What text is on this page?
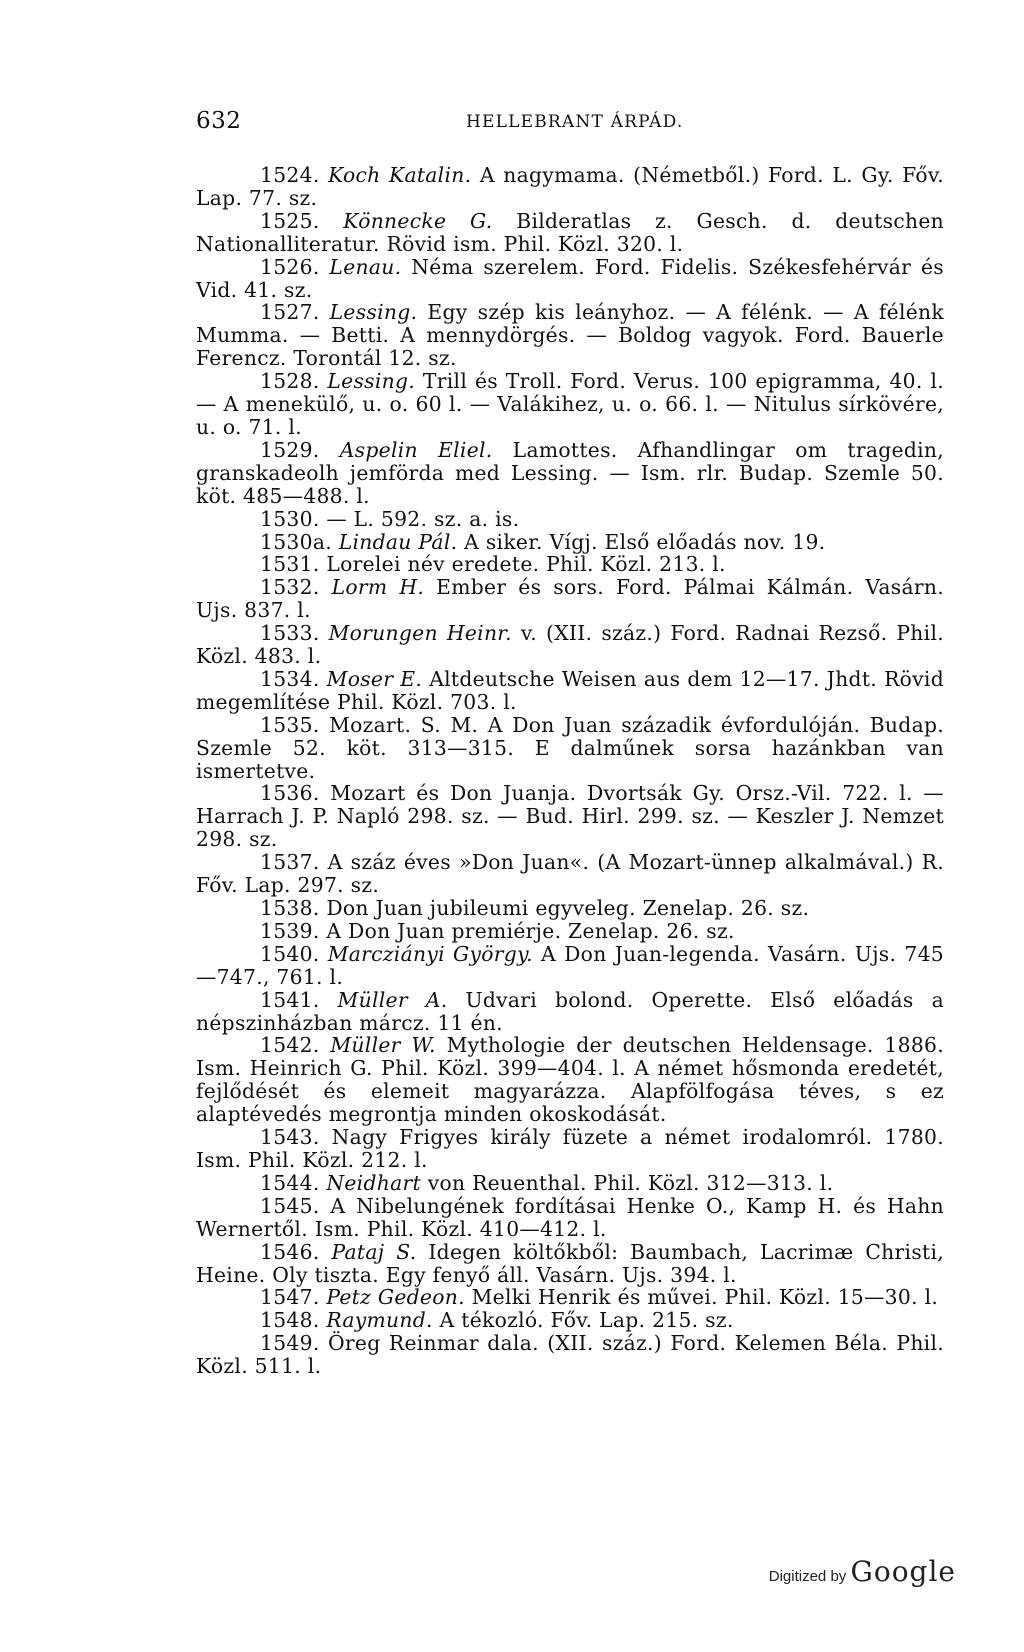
632	HELLEBRANT ÁRPÁD.

1524. Koch Katalin. A nagymama. (Németből.) Ford. L. Gy. Főv. Lap. 77. sz.

1525. Könnecke G. Bilderatlas z. Gesch. d. deutschen Nationalliteratur. Rövid ism. Phil. Közl. 320. l.

1526. Lenau. Néma szerelem. Ford. Fidelis. Székesfehérvár és Vid. 41. sz.

1527. Lessing. Egy szép kis leányhoz. — A félénk. — A félénk Mumma. — Betti. A mennydörgés. — Boldog vagyok. Ford. Bauerle Ferencz. Torontál 12. sz.

1528. Lessing. Trill és Troll. Ford. Verus. 100 epigramma, 40. l. — A menekülő, u. o. 60 l. — Valákihez, u. o. 66. l. — Nitulus sírkövére, u. o. 71. l.

1529. Aspelin Eliel. Lamottes. Afhandlingar om tragedin, granskadeolh jemförda med Lessing. — Ism. rlr. Budap. Szemle 50. köt. 485—488. l.

1530. — L. 592. sz. a. is.

1530a. Lindau Pál. A siker. Vígj. Első előadás nov. 19.

1531. Lorelei név eredete. Phil. Közl. 213. l.

1532. Lorm H. Ember és sors. Ford. Pálmai Kálmán. Vasárn. Ujs. 837. l.

1533. Morungen Heinr. v. (XII. száz.) Ford. Radnai Rezső. Phil. Közl. 483. l.

1534. Moser E. Altdeutsche Weisen aus dem 12—17. Jhdt. Rövid megemlítése Phil. Közl. 703. l.

1535. Mozart. S. M. A Don Juan századik évfordulóján. Budap. Szemle 52. köt. 313—315. E dalműnek sorsa hazánkban van ismertetve.

1536. Mozart és Don Juanja. Dvortsák Gy. Orsz.-Vil. 722. l. — Harrach J. P. Napló 298. sz. — Bud. Hirl. 299. sz. — Keszler J. Nemzet 298. sz.

1537. A száz éves »Don Juan«. (A Mozart-ünnep alkalmával.) R. Főv. Lap. 297. sz.

1538. Don Juan jubileumi egyveleg. Zenelap. 26. sz.

1539. A Don Juan premiérje. Zenelap. 26. sz.

1540. Marcziányi György. A Don Juan-legenda. Vasárn. Ujs. 745—747., 761. l.

1541. Müller A. Udvari bolond. Operette. Első előadás a népszinházban márcz. 11 én.

1542. Müller W. Mythologie der deutschen Heldensage. 1886. Ism. Heinrich G. Phil. Közl. 399—404. l. A német hősmonda eredetét, fejlődését és elemeit magyarázza. Alapfölfogása téves, s ez alaptévedés megrontja minden okoskodását.

1543. Nagy Frigyes király füzete a német irodalomról. 1780. Ism. Phil. Közl. 212. l.

1544. Neidhart von Reuenthal. Phil. Közl. 312—313. l.

1545. A Nibelungének fordításai Henke O., Kamp H. és Hahn Wernertől. Ism. Phil. Közl. 410—412. l.

1546. Pataj S. Idegen költőkből: Baumbach, Lacrimæ Christi, Heine. Oly tiszta. Egy fenyő áll. Vasárn. Ujs. 394. l.

1547. Petz Gedeon. Melki Henrik és művei. Phil. Közl. 15—30. l.

1548. Raymund. A tékozló. Főv. Lap. 215. sz.

1549. Öreg Reinmar dala. (XII. száz.) Ford. Kelemen Béla. Phil. Közl. 511. l.

Digitized by Google
